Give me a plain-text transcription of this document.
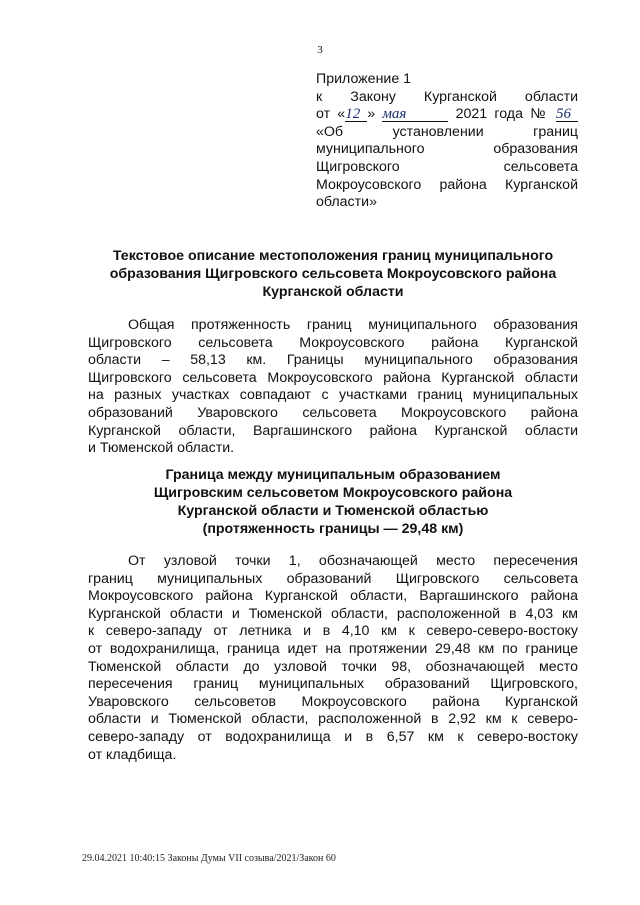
3
Приложение 1
к Закону Курганской области
от «12 » мая	2021 года № 56
«Об установлении границ
муниципального образования
Щигровского сельсовета
Мокроусовского района Курганской
области»
Текстовое описание местоположения границ муниципального
образования Щигровского сельсовета Мокроусовского района
Курганской области
Общая протяженность границ муниципального образования
Щигровского сельсовета Мокроусовского района Курганской
области – 58,13 км. Границы муниципального образования
Щигровского сельсовета Мокроусовского района Курганской области
на разных участках совпадают с участками границ муниципальных
образований Уваровского сельсовета Мокроусовского района
Курганской области, Варгашинского района Курганской области
и Тюменской области.
Граница между муниципальным образованием
Щигровским сельсоветом Мокроусовского района
Курганской области и Тюменской областью
(протяженность границы — 29,48 км)
От узловой точки 1, обозначающей место пересечения
границ муниципальных образований Щигровского сельсовета
Мокроусовского района Курганской области, Варгашинского района
Курганской области и Тюменской области, расположенной в 4,03 км
к северо-западу от летника и в 4,10 км к северо-северо-востоку
от водохранилища, граница идет на протяжении 29,48 км по границе
Тюменской области до узловой точки 98, обозначающей место
пересечения границ муниципальных образований Щигровского,
Уваровского сельсоветов Мокроусовского района Курганской
области и Тюменской области, расположенной в 2,92 км к северо-
северо-западу от водохранилища и в 6,57 км к северо-востоку
от кладбища.
29.04.2021 10:40:15 Законы Думы VII созыва/2021/Закон 60
